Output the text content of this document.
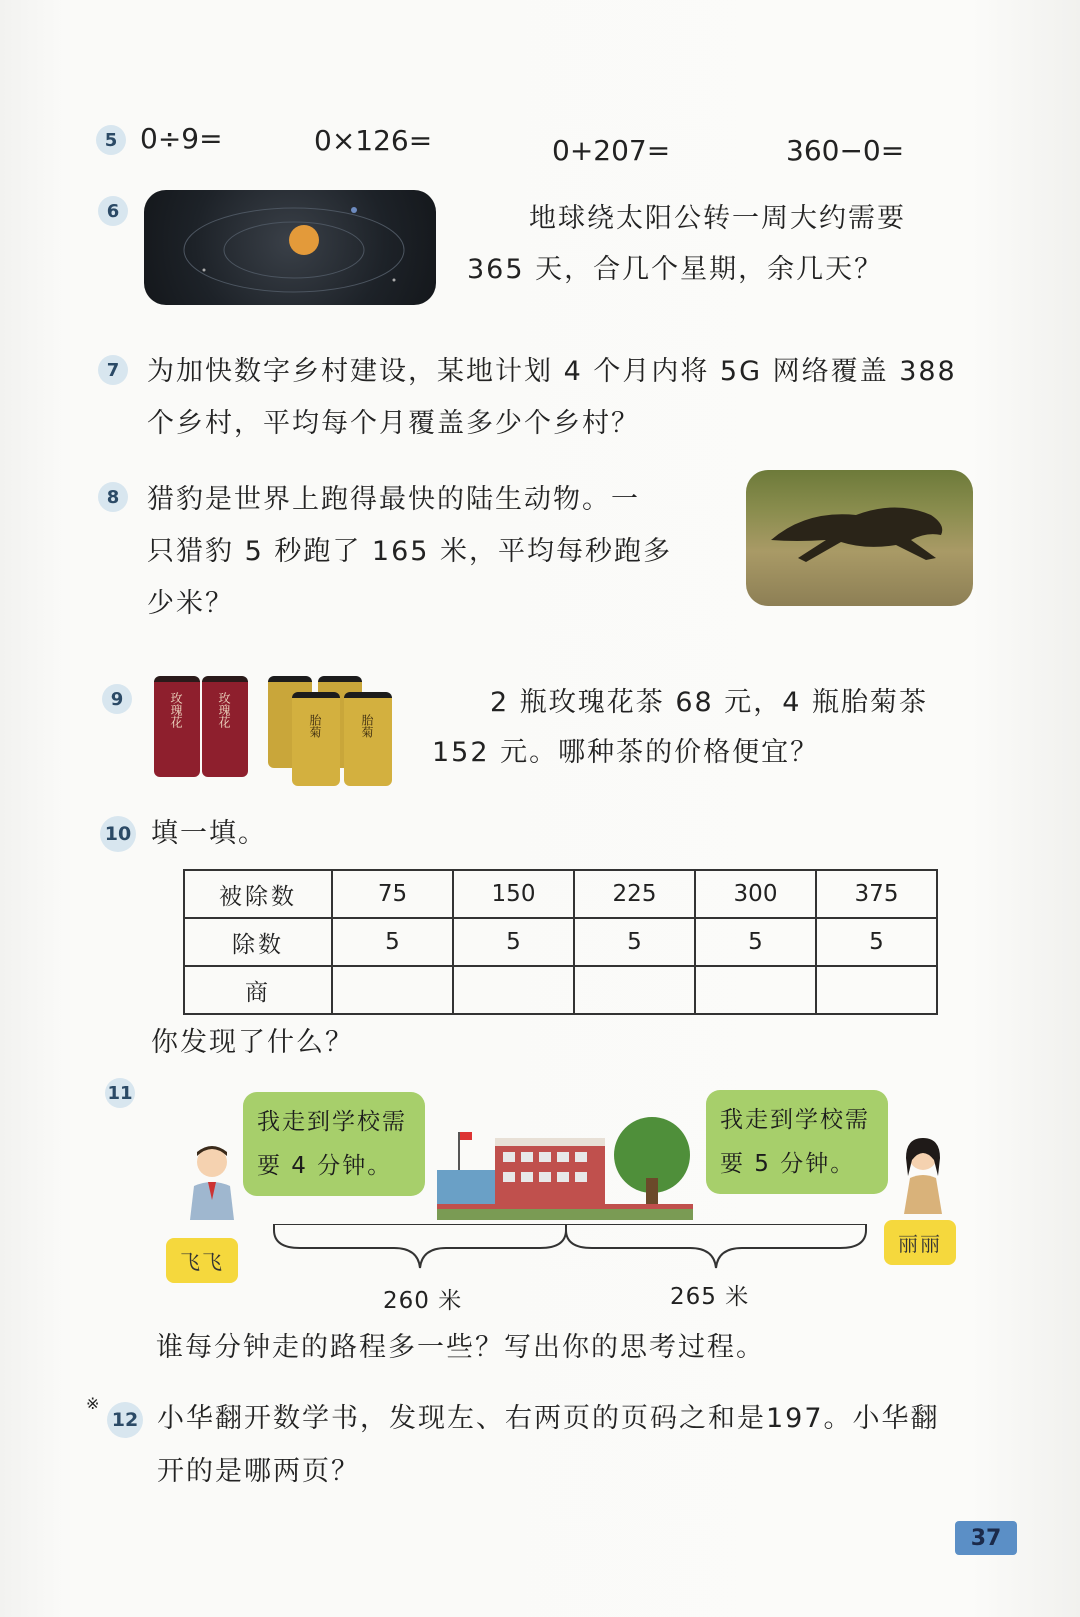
5 0÷9=	0×126=	0+207=	360−0=
6	地球绕太阳公转一周大约需要
365 天，合几个星期，余几天？
7	为加快数字乡村建设，某地计划 4 个月内将 5G 网络覆盖 388
个乡村，平均每个月覆盖多少个乡村？
8	猎豹是世界上跑得最快的陆生动物。一
只猎豹 5 秒跑了 165 米，平均每秒跑多
少米？
9	玫瑰花	玫瑰花	胎菊	胎菊
2 瓶玫瑰花茶 68 元，4 瓶胎菊茶
152 元。哪种茶的价格便宜？
10 填一填。
被除数	75	150	225	300	375
除数	5	5	5	5	5
商					
你发现了什么？
11
我走到学校需
要 4 分钟。
我走到学校需
要 5 分钟。
飞飞
丽丽
260 米	265 米
谁每分钟走的路程多一些？写出你的思考过程。
※
12 小华翻开数学书，发现左、右两页的页码之和是197。小华翻
开的是哪两页？
37
